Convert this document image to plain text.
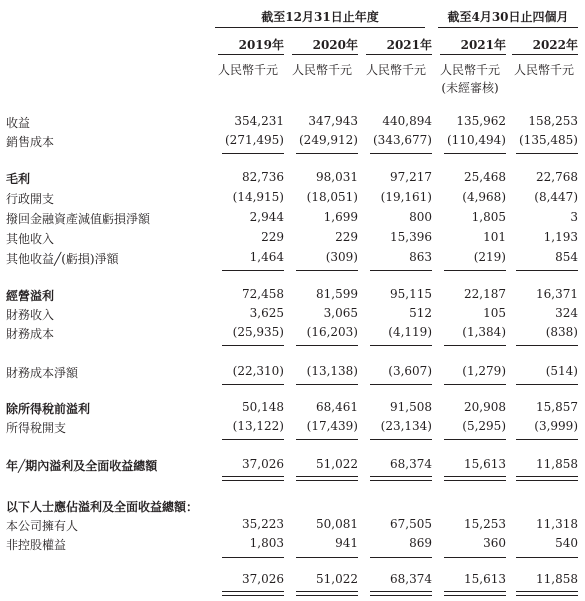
截至12月31日止年度	截至4月30日止四個月
2019年	2020年	2021年	2021年	2022年
人民幣千元	人民幣千元	人民幣千元	人民幣千元	人民幣千元
(未經審核)
收益	354,231	347,943	440,894	135,962	158,253
銷售成本	(271,495)	(249,912)	(343,677)	(110,494)	(135,485)
毛利	82,736	98,031	97,217	25,468	22,768
行政開支	(14,915)	(18,051)	(19,161)	(4,968)	(8,447)
撥回金融資產減值虧損淨額	2,944	1,699	800	1,805	3
其他收入	229	229	15,396	101	1,193
其他收益╱(虧損)淨額	1,464	(309)	863	(219)	854
經營溢利	72,458	81,599	95,115	22,187	16,371
財務收入	3,625	3,065	512	105	324
財務成本	(25,935)	(16,203)	(4,119)	(1,384)	(838)
財務成本淨額	(22,310)	(13,138)	(3,607)	(1,279)	(514)
除所得稅前溢利	50,148	68,461	91,508	20,908	15,857
所得稅開支	(13,122)	(17,439)	(23,134)	(5,295)	(3,999)
年╱期內溢利及全面收益總額	37,026	51,022	68,374	15,613	11,858
以下人士應佔溢利及全面收益總額：
本公司擁有人	35,223	50,081	67,505	15,253	11,318
非控股權益	1,803	941	869	360	540
37,026	51,022	68,374	15,613	11,858
